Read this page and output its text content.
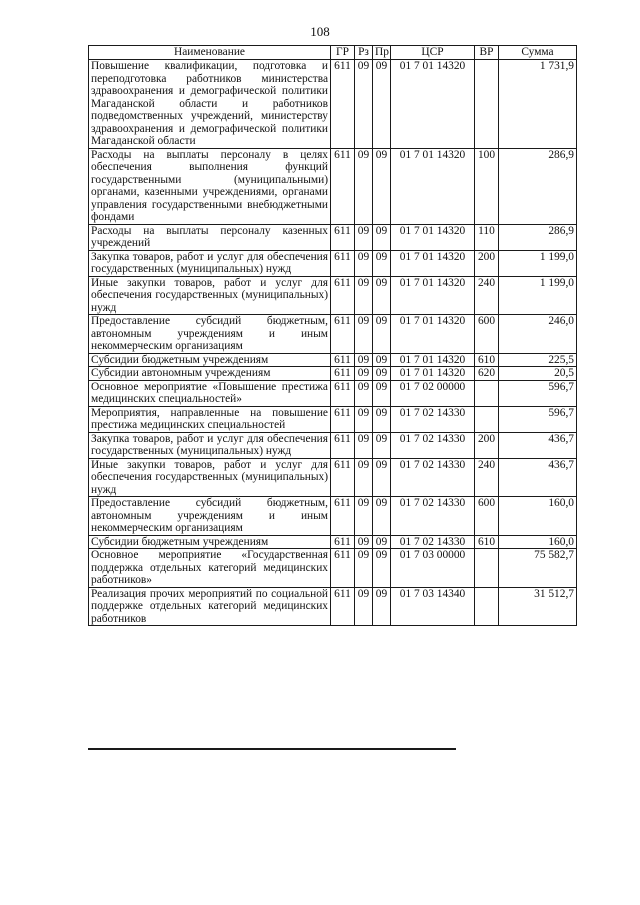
108
Наименование	ГР	Рз	Пр	ЦСР	ВР	Сумма
Повышение квалификации, подготовка и переподготовка работников министерства здравоохранения и демографической политики Магаданской области и работников подведомственных учреждений, министерству здравоохранения и демографической политики Магаданской области	611	09	09	01 7 01 14320		1 731,9
Расходы на выплаты персоналу в целях обеспечения выполнения функций государственными (муниципальными) органами, казенными учреждениями, органами управления государственными внебюджетными фондами	611	09	09	01 7 01 14320	100	286,9
Расходы на выплаты персоналу казенных учреждений	611	09	09	01 7 01 14320	110	286,9
Закупка товаров, работ и услуг для обеспечения государственных (муниципальных) нужд	611	09	09	01 7 01 14320	200	1 199,0
Иные закупки товаров, работ и услуг для обеспечения государственных (муниципальных) нужд	611	09	09	01 7 01 14320	240	1 199,0
Предоставление субсидий бюджетным, автономным учреждениям и иным некоммерческим организациям	611	09	09	01 7 01 14320	600	246,0
Субсидии бюджетным учреждениям	611	09	09	01 7 01 14320	610	225,5
Субсидии автономным учреждениям	611	09	09	01 7 01 14320	620	20,5
Основное мероприятие «Повышение престижа медицинских специальностей»	611	09	09	01 7 02 00000		596,7
Мероприятия, направленные на повышение престижа медицинских специальностей	611	09	09	01 7 02 14330		596,7
Закупка товаров, работ и услуг для обеспечения государственных (муниципальных) нужд	611	09	09	01 7 02 14330	200	436,7
Иные закупки товаров, работ и услуг для обеспечения государственных (муниципальных) нужд	611	09	09	01 7 02 14330	240	436,7
Предоставление субсидий бюджетным, автономным учреждениям и иным некоммерческим организациям	611	09	09	01 7 02 14330	600	160,0
Субсидии бюджетным учреждениям	611	09	09	01 7 02 14330	610	160,0
Основное мероприятие «Государственная поддержка отдельных категорий медицинских работников»	611	09	09	01 7 03 00000		75 582,7
Реализация прочих мероприятий по социальной поддержке отдельных категорий медицинских работников	611	09	09	01 7 03 14340		31 512,7
